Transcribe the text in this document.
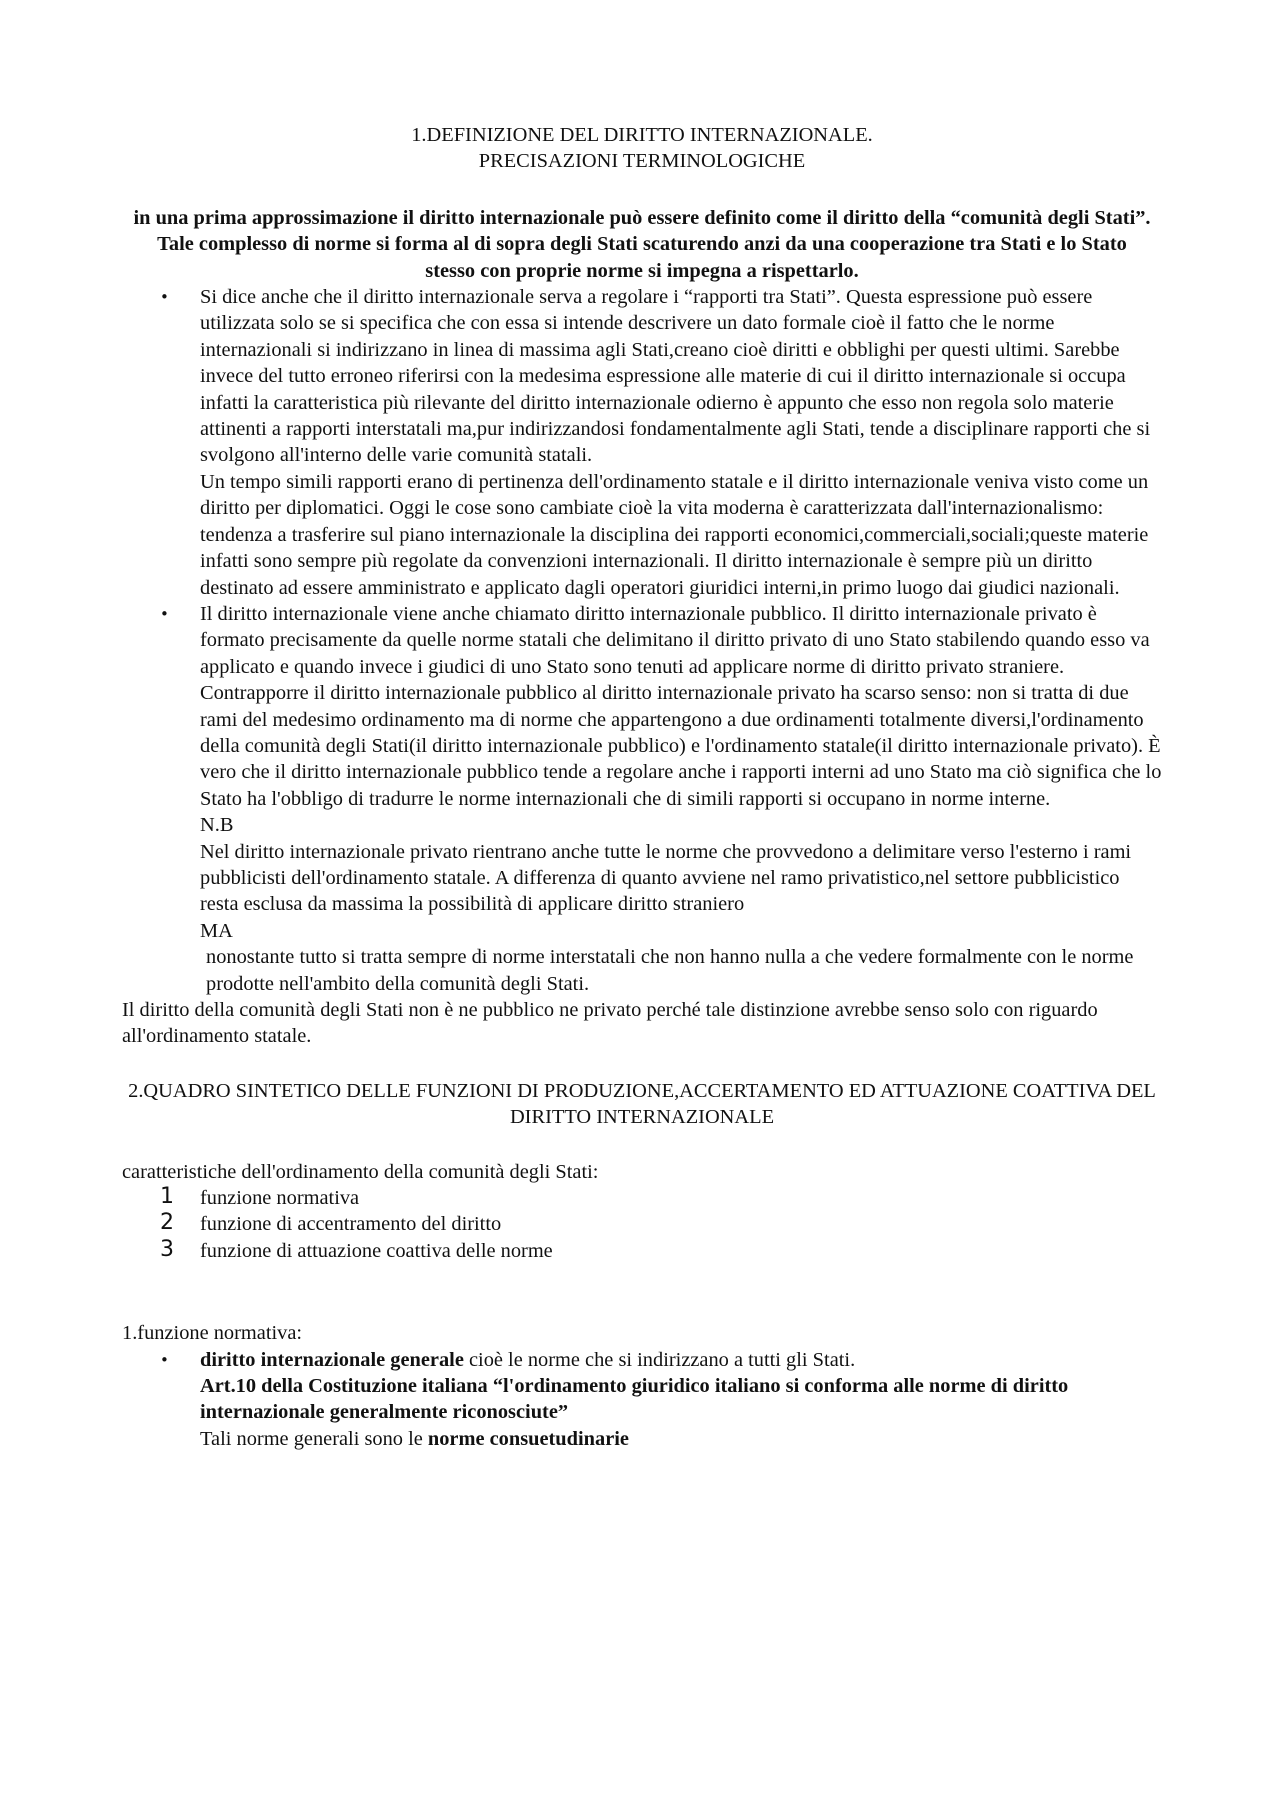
1.DEFINIZIONE DEL DIRITTO INTERNAZIONALE.
PRECISAZIONI TERMINOLOGICHE
in una prima approssimazione il diritto internazionale può essere definito come il diritto della “comunità degli Stati”. Tale complesso di norme si forma al di sopra degli Stati scaturendo anzi da una cooperazione tra Stati e lo Stato stesso con proprie norme si impegna a rispettarlo.
• Si dice anche che il diritto internazionale serva a regolare i “rapporti tra Stati”. Questa espressione può essere utilizzata solo se si specifica che con essa si intende descrivere un dato formale cioè il fatto che le norme internazionali si indirizzano in linea di massima agli Stati,creano cioè diritti e obblighi per questi ultimi. Sarebbe invece del tutto erroneo riferirsi con la medesima espressione alle materie di cui il diritto internazionale si occupa infatti la caratteristica più rilevante del diritto internazionale odierno è appunto che esso non regola solo materie attinenti a rapporti interstatali ma,pur indirizzandosi fondamentalmente agli Stati, tende a disciplinare rapporti che si svolgono all'interno delle varie comunità statali.
Un tempo simili rapporti erano di pertinenza dell'ordinamento statale e il diritto internazionale veniva visto come un diritto per diplomatici. Oggi le cose sono cambiate cioè la vita moderna è caratterizzata dall'internazionalismo: tendenza a trasferire sul piano internazionale la disciplina dei rapporti economici,commerciali,sociali;queste materie infatti sono sempre più regolate da convenzioni internazionali. Il diritto internazionale è sempre più un diritto destinato ad essere amministrato e applicato dagli operatori giuridici interni,in primo luogo dai giudici nazionali.
• Il diritto internazionale viene anche chiamato diritto internazionale pubblico. Il diritto internazionale privato è formato precisamente da quelle norme statali che delimitano il diritto privato di uno Stato stabilendo quando esso va applicato e quando invece i giudici di uno Stato sono tenuti ad applicare norme di diritto privato straniere. Contrapporre il diritto internazionale pubblico al diritto internazionale privato ha scarso senso: non si tratta di due rami del medesimo ordinamento ma di norme che appartengono a due ordinamenti totalmente diversi,l'ordinamento della comunità degli Stati(il diritto internazionale pubblico) e l'ordinamento statale(il diritto internazionale privato). È vero che il diritto internazionale pubblico tende a regolare anche i rapporti interni ad uno Stato ma ciò significa che lo Stato ha l'obbligo di tradurre le norme internazionali che di simili rapporti si occupano in norme interne.
N.B
Nel diritto internazionale privato rientrano anche tutte le norme che provvedono a delimitare verso l'esterno i rami pubblicisti dell'ordinamento statale. A differenza di quanto avviene nel ramo privatistico,nel settore pubblicistico resta esclusa da massima la possibilità di applicare diritto straniero
MA
nonostante tutto si tratta sempre di norme interstatali che non hanno nulla a che vedere formalmente con le norme prodotte nell'ambito della comunità degli Stati.
Il diritto della comunità degli Stati non è ne pubblico ne privato perché tale distinzione avrebbe senso solo con riguardo all'ordinamento statale.
2.QUADRO SINTETICO DELLE FUNZIONI DI PRODUZIONE,ACCERTAMENTO ED ATTUAZIONE COATTIVA DEL DIRITTO INTERNAZIONALE
caratteristiche dell'ordinamento della comunità degli Stati:
1 funzione normativa
2 funzione di accentramento del diritto
3 funzione di attuazione coattiva delle norme
1.funzione normativa:
• diritto internazionale generale cioè le norme che si indirizzano a tutti gli Stati.
Art.10 della Costituzione italiana “l'ordinamento giuridico italiano si conforma alle norme di diritto internazionale generalmente riconosciute”
Tali norme generali sono le norme consuetudinarie
